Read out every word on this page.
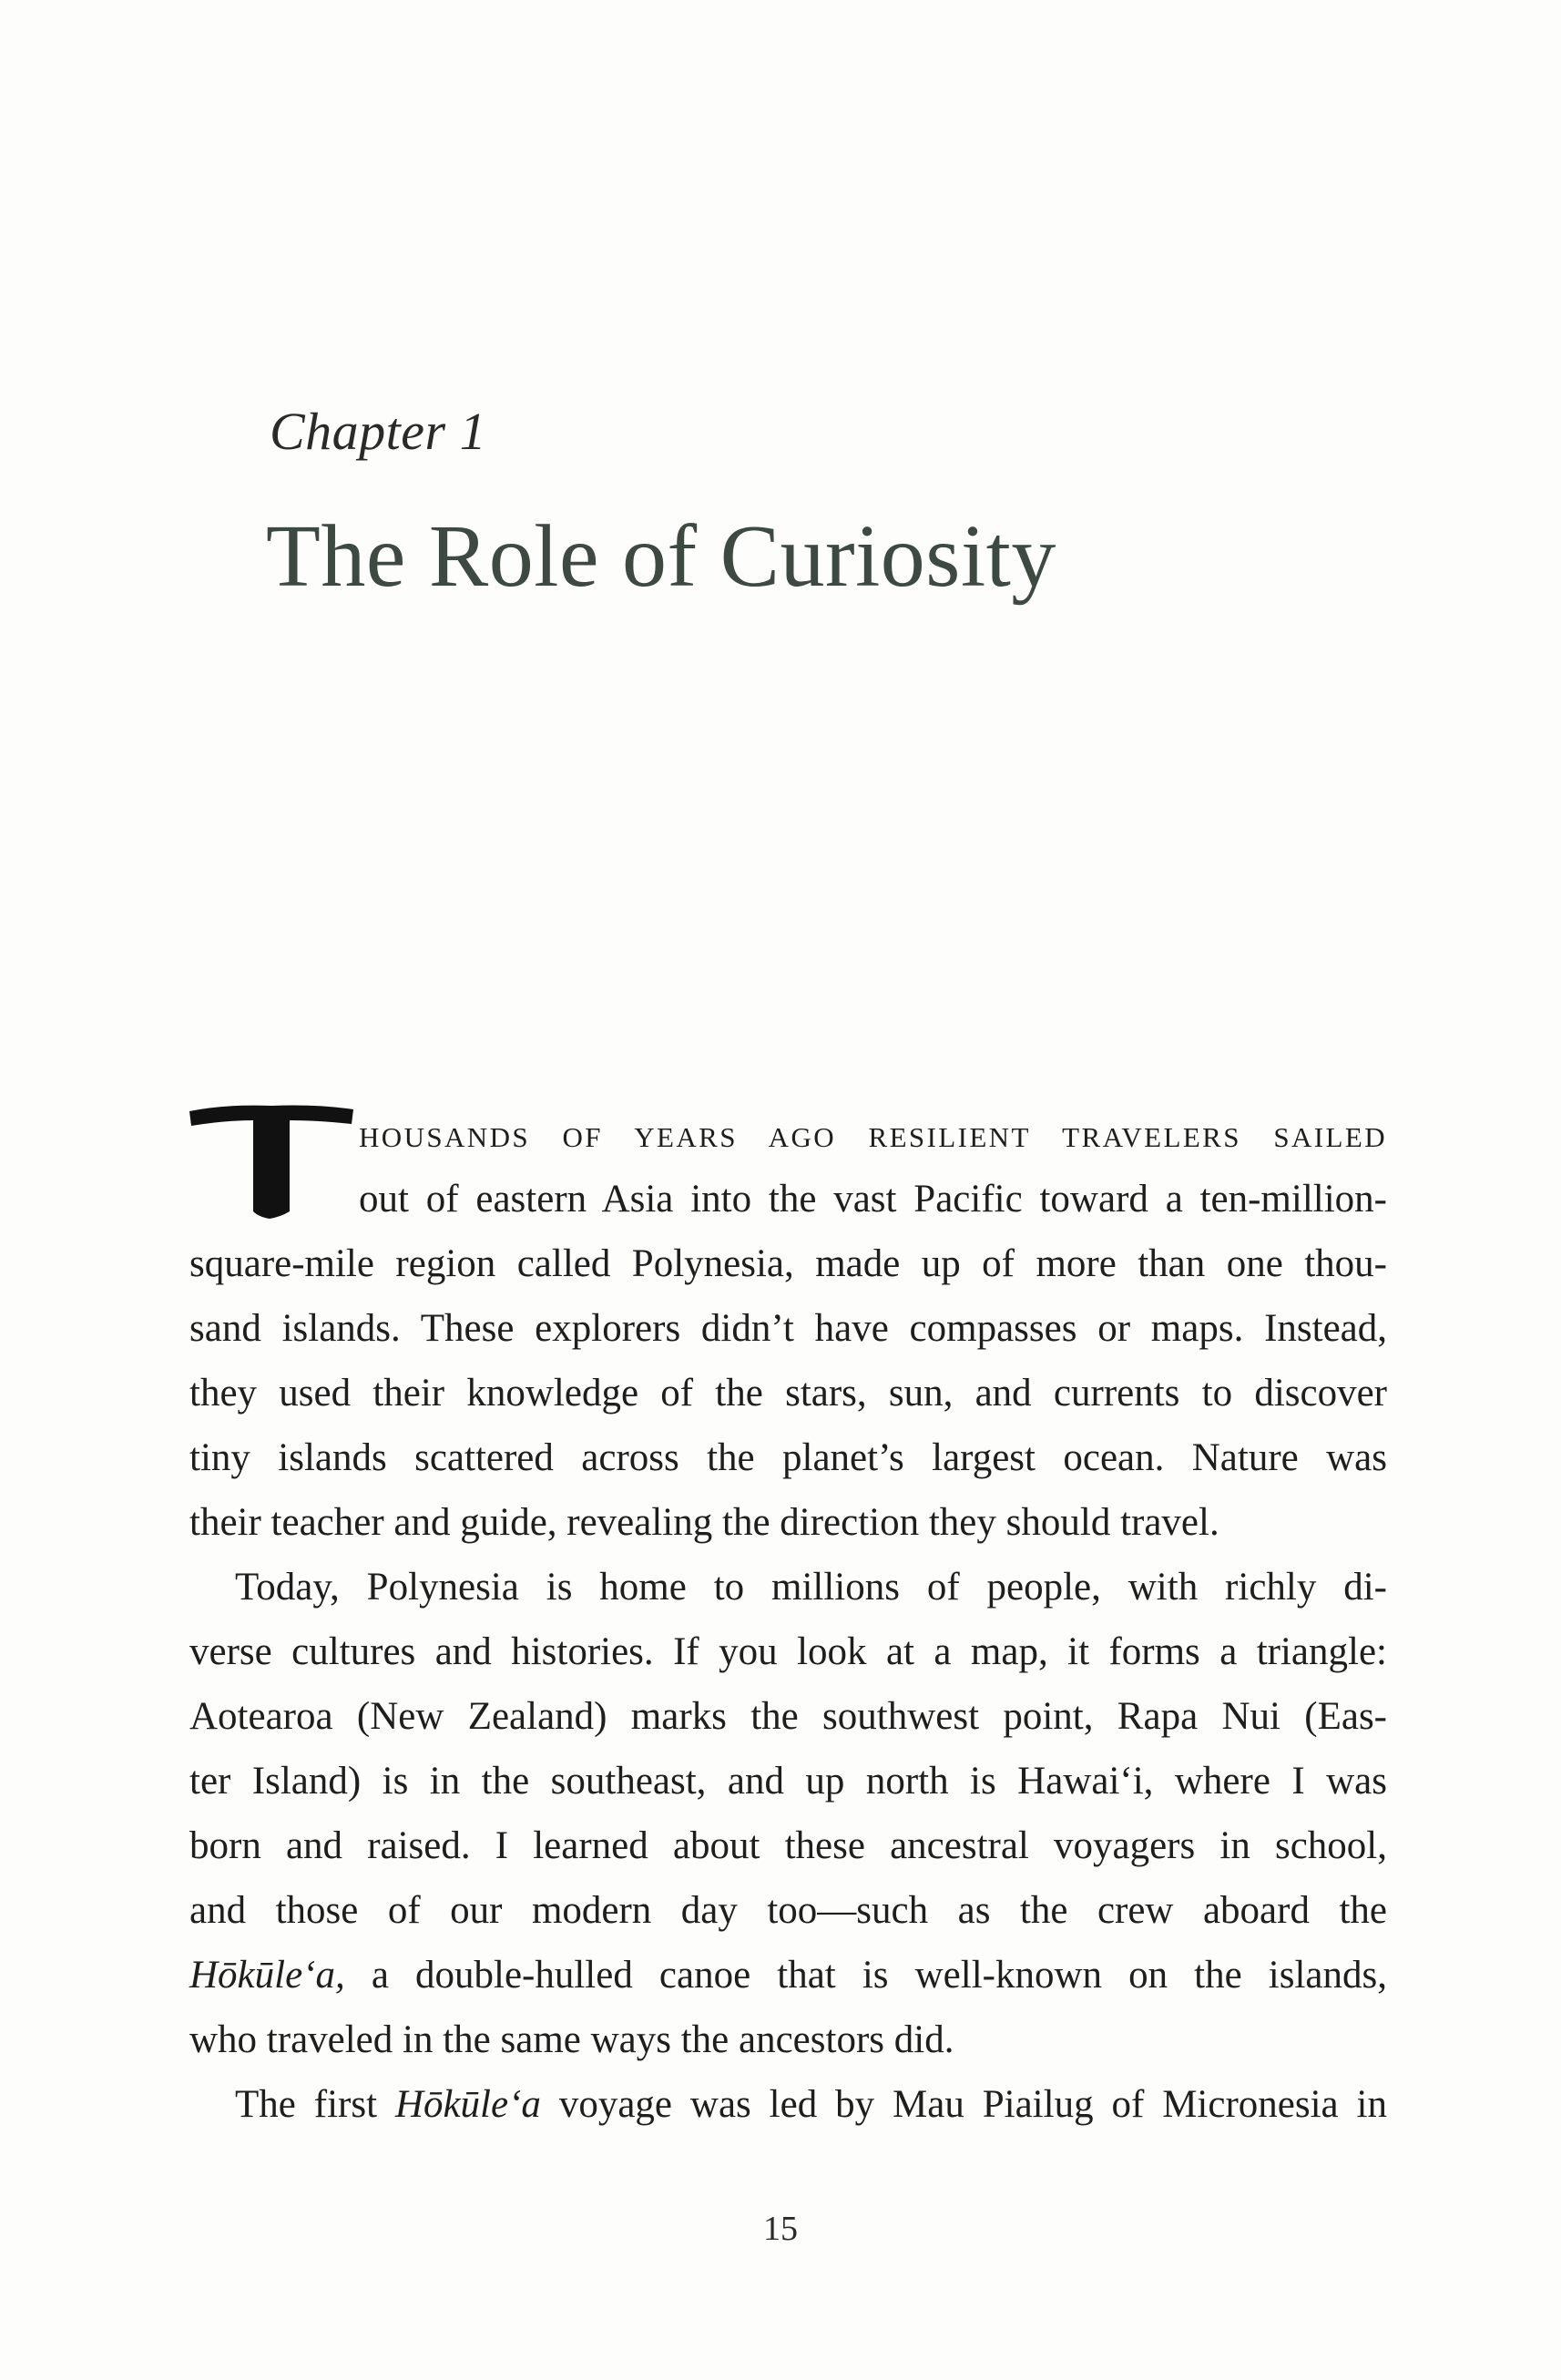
Chapter 1
The Role of Curiosity
HOUSANDS OF YEARS AGO RESILIENT TRAVELERS SAILED
out of eastern Asia into the vast Pacific toward a ten-million-
square-mile region called Polynesia, made up of more than one thou-
sand islands. These explorers didn’t have compasses or maps. Instead,
they used their knowledge of the stars, sun, and currents to discover
tiny islands scattered across the planet’s largest ocean. Nature was
their teacher and guide, revealing the direction they should travel.
Today, Polynesia is home to millions of people, with richly di-
verse cultures and histories. If you look at a map, it forms a triangle:
Aotearoa (New Zealand) marks the southwest point, Rapa Nui (Eas-
ter Island) is in the southeast, and up north is Hawai‘i, where I was
born and raised. I learned about these ancestral voyagers in school,
and those of our modern day too—such as the crew aboard the
Hōkūle‘a, a double-hulled canoe that is well-known on the islands,
who traveled in the same ways the ancestors did.
The first Hōkūle‘a voyage was led by Mau Piailug of Micronesia in
15
